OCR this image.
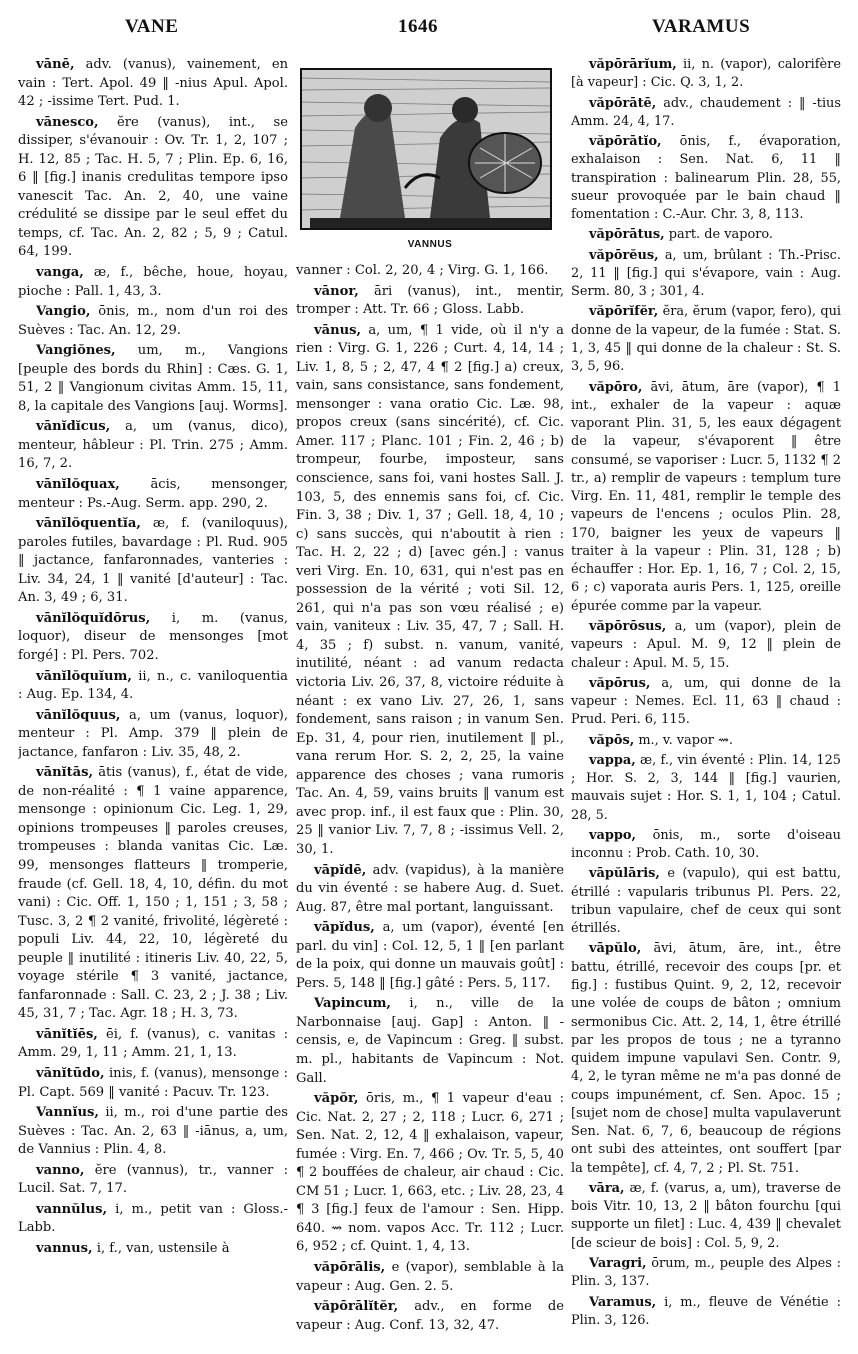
VANE	1646	VARAMUS

vānē, adv. (vanus), vainement, en vain : Tert. Apol. 49 ‖ -nius Apul. Apol. 42 ; -issime Tert. Pud. 1.

vānesco, ĕre (vanus), int., se dissiper, s'évanouir : Ov. Tr. 1, 2, 107 ; H. 12, 85 ; Tac. H. 5, 7 ; Plin. Ep. 6, 16, 6 ‖ [fig.] inanis credulitas tempore ipso vanescit Tac. An. 2, 40, une vaine crédulité se dissipe par le seul effet du temps, cf. Tac. An. 2, 82 ; 5, 9 ; Catul. 64, 199.

vanga, æ, f., bêche, houe, hoyau, pioche : Pall. 1, 43, 3.

Vangio, ōnis, m., nom d'un roi des Suèves : Tac. An. 12, 29.

Vangiŏnes, um, m., Vangions [peuple des bords du Rhin] : Cæs. G. 1, 51, 2 ‖ Vangionum civitas Amm. 15, 11, 8, la capitale des Vangions [auj. Worms].

vānĭdĭcus, a, um (vanus, dico), menteur, hâbleur : Pl. Trin. 275 ; Amm. 16, 7, 2.

vānĭlŏquax, ācis, mensonger, menteur : Ps.-Aug. Serm. app. 290, 2.

vānĭlŏquentĭa, æ, f. (vaniloquus), paroles futiles, bavardage : Pl. Rud. 905 ‖ jactance, fanfaronnades, vanteries : Liv. 34, 24, 1 ‖ vanité [d'auteur] : Tac. An. 3, 49 ; 6, 31.

vānĭlŏquĭdōrus, i, m. (vanus, loquor), diseur de mensonges [mot forgé] : Pl. Pers. 702.

vānĭlŏquĭum, ii, n., c. vaniloquentia : Aug. Ep. 134, 4.

vānĭlŏquus, a, um (vanus, loquor), menteur : Pl. Amp. 379 ‖ plein de jactance, fanfaron : Liv. 35, 48, 2.

vānĭtās, ātis (vanus), f., état de vide, de non-réalité : ¶ 1 vaine apparence, mensonge : opinionum Cic. Leg. 1, 29, opinions trompeuses ‖ paroles creuses, trompeuses : blanda vanitas Cic. Læ. 99, mensonges flatteurs ‖ tromperie, fraude (cf. Gell. 18, 4, 10, défin. du mot vani) : Cic. Off. 1, 150 ; 1, 151 ; 3, 58 ; Tusc. 3, 2 ¶ 2 vanité, frivolité, légèreté : populi Liv. 44, 22, 10, légèreté du peuple ‖ inutilité : itineris Liv. 40, 22, 5, voyage stérile ¶ 3 vanité, jactance, fanfaronnade : Sall. C. 23, 2 ; J. 38 ; Liv. 45, 31, 7 ; Tac. Agr. 18 ; H. 3, 73.

vānĭtĭēs, ēi, f. (vanus), c. vanitas : Amm. 29, 1, 11 ; Amm. 21, 1, 13.

vānĭtūdo, inis, f. (vanus), mensonge : Pl. Capt. 569 ‖ vanité : Pacuv. Tr. 123.

Vannĭus, ii, m., roi d'une partie des Suèves : Tac. An. 2, 63 ‖ -iānus, a, um, de Vannius : Plin. 4, 8.

vanno, ĕre (vannus), tr., vanner : Lucil. Sat. 7, 17.

vannŭlus, i, m., petit van : Gloss.-Labb.

vannus, i, f., van, ustensile à

VANNUS

vanner : Col. 2, 20, 4 ; Virg. G. 1, 166.

vānor, āri (vanus), int., mentir, tromper : Att. Tr. 66 ; Gloss. Labb.

vānus, a, um, ¶ 1 vide, où il n'y a rien : Virg. G. 1, 226 ; Curt. 4, 14, 14 ; Liv. 1, 8, 5 ; 2, 47, 4 ¶ 2 [fig.] a) creux, vain, sans consistance, sans fondement, mensonger : vana oratio Cic. Læ. 98, propos creux (sans sincérité), cf. Cic. Amer. 117 ; Planc. 101 ; Fin. 2, 46 ; b) trompeur, fourbe, imposteur, sans conscience, sans foi, vani hostes Sall. J. 103, 5, des ennemis sans foi, cf. Cic. Fin. 3, 38 ; Div. 1, 37 ; Gell. 18, 4, 10 ; c) sans succès, qui n'aboutit à rien : Tac. H. 2, 22 ; d) [avec gén.] : vanus veri Virg. En. 10, 631, qui n'est pas en possession de la vérité ; voti Sil. 12, 261, qui n'a pas son vœu réalisé ; e) vain, vaniteux : Liv. 35, 47, 7 ; Sall. H. 4, 35 ; f) subst. n. vanum, vanité, inutilité, néant : ad vanum redacta victoria Liv. 26, 37, 8, victoire réduite à néant : ex vano Liv. 27, 26, 1, sans fondement, sans raison ; in vanum Sen. Ep. 31, 4, pour rien, inutilement ‖ pl., vana rerum Hor. S. 2, 2, 25, la vaine apparence des choses ; vana rumoris Tac. An. 4, 59, vains bruits ‖ vanum est avec prop. inf., il est faux que : Plin. 30, 25 ‖ vanior Liv. 7, 7, 8 ; -issimus Vell. 2, 30, 1.

vāpĭdē, adv. (vapidus), à la manière du vin éventé : se habere Aug. d. Suet. Aug. 87, être mal portant, languissant.

vāpĭdus, a, um (vapor), éventé [en parl. du vin] : Col. 12, 5, 1 ‖ [en parlant de la poix, qui donne un mauvais goût] : Pers. 5, 148 ‖ [fig.] gâté : Pers. 5, 117.

Vapincum, i, n., ville de la Narbonnaise [auj. Gap] : Anton. ‖ -censis, e, de Vapincum : Greg. ‖ subst. m. pl., habitants de Vapincum : Not. Gall.

văpŏr, ōris, m., ¶ 1 vapeur d'eau : Cic. Nat. 2, 27 ; 2, 118 ; Lucr. 6, 271 ; Sen. Nat. 2, 12, 4 ‖ exhalaison, vapeur, fumée : Virg. En. 7, 466 ; Ov. Tr. 5, 5, 40 ¶ 2 bouffées de chaleur, air chaud : Cic. CM 51 ; Lucr. 1, 663, etc. ; Liv. 28, 23, 4 ¶ 3 [fig.] feux de l'amour : Sen. Hipp. 640. ⇝ nom. vapos Acc. Tr. 112 ; Lucr. 6, 952 ; cf. Quint. 1, 4, 13.

văpōrālis, e (vapor), semblable à la vapeur : Aug. Gen. 2. 5.

văpōrālĭtĕr, adv., en forme de vapeur : Aug. Conf. 13, 32, 47.

văpōrārĭum, ii, n. (vapor), calorifère [à vapeur] : Cic. Q. 3, 1, 2.

văpōrātē, adv., chaudement : ‖ -tius Amm. 24, 4, 17.

văpōrātĭo, ōnis, f., évaporation, exhalaison : Sen. Nat. 6, 11 ‖ transpiration : balinearum Plin. 28, 55, sueur provoquée par le bain chaud ‖ fomentation : C.-Aur. Chr. 3, 8, 113.

văpōrātus, part. de vaporo.

văpōrĕus, a, um, brûlant : Th.-Prisc. 2, 11 ‖ [fig.] qui s'évapore, vain : Aug. Serm. 80, 3 ; 301, 4.

văpōrĭfĕr, ĕra, ĕrum (vapor, fero), qui donne de la vapeur, de la fumée : Stat. S. 1, 3, 45 ‖ qui donne de la chaleur : St. S. 3, 5, 96.

văpōro, āvi, ātum, āre (vapor), ¶ 1 int., exhaler de la vapeur : aquæ vaporant Plin. 31, 5, les eaux dégagent de la vapeur, s'évaporent ‖ être consumé, se vaporiser : Lucr. 5, 1132 ¶ 2 tr., a) remplir de vapeurs : templum ture Virg. En. 11, 481, remplir le temple des vapeurs de l'encens ; oculos Plin. 28, 170, baigner les yeux de vapeurs ‖ traiter à la vapeur : Plin. 31, 128 ; b) échauffer : Hor. Ep. 1, 16, 7 ; Col. 2, 15, 6 ; c) vaporata auris Pers. 1, 125, oreille épurée comme par la vapeur.

văpōrōsus, a, um (vapor), plein de vapeurs : Apul. M. 9, 12 ‖ plein de chaleur : Apul. M. 5, 15.

văpōrus, a, um, qui donne de la vapeur : Nemes. Ecl. 11, 63 ‖ chaud : Prud. Peri. 6, 115.

văpōs, m., v. vapor ⇝.

vappa, æ, f., vin éventé : Plin. 14, 125 ; Hor. S. 2, 3, 144 ‖ [fig.] vaurien, mauvais sujet : Hor. S. 1, 1, 104 ; Catul. 28, 5.

vappo, ōnis, m., sorte d'oiseau inconnu : Prob. Cath. 10, 30.

vāpŭlāris, e (vapulo), qui est battu, étrillé : vapularis tribunus Pl. Pers. 22, tribun vapulaire, chef de ceux qui sont étrillés.

vāpŭlo, āvi, ātum, āre, int., être battu, étrillé, recevoir des coups [pr. et fig.] : fustibus Quint. 9, 2, 12, recevoir une volée de coups de bâton ; omnium sermonibus Cic. Att. 2, 14, 1, être étrillé par les propos de tous ; ne a tyranno quidem impune vapulavi Sen. Contr. 9, 4, 2, le tyran même ne m'a pas donné de coups impunément, cf. Sen. Apoc. 15 ; [sujet nom de chose] multa vapulaverunt Sen. Nat. 6, 7, 6, beaucoup de régions ont subi des atteintes, ont souffert [par la tempête], cf. 4, 7, 2 ; Pl. St. 751.

vāra, æ, f. (varus, a, um), traverse de bois Vitr. 10, 13, 2 ‖ bâton fourchu [qui supporte un filet] : Luc. 4, 439 ‖ chevalet [de scieur de bois] : Col. 5, 9, 2.

Varagri, ōrum, m., peuple des Alpes : Plin. 3, 137.

Varamus, i, m., fleuve de Vénétie : Plin. 3, 126.
